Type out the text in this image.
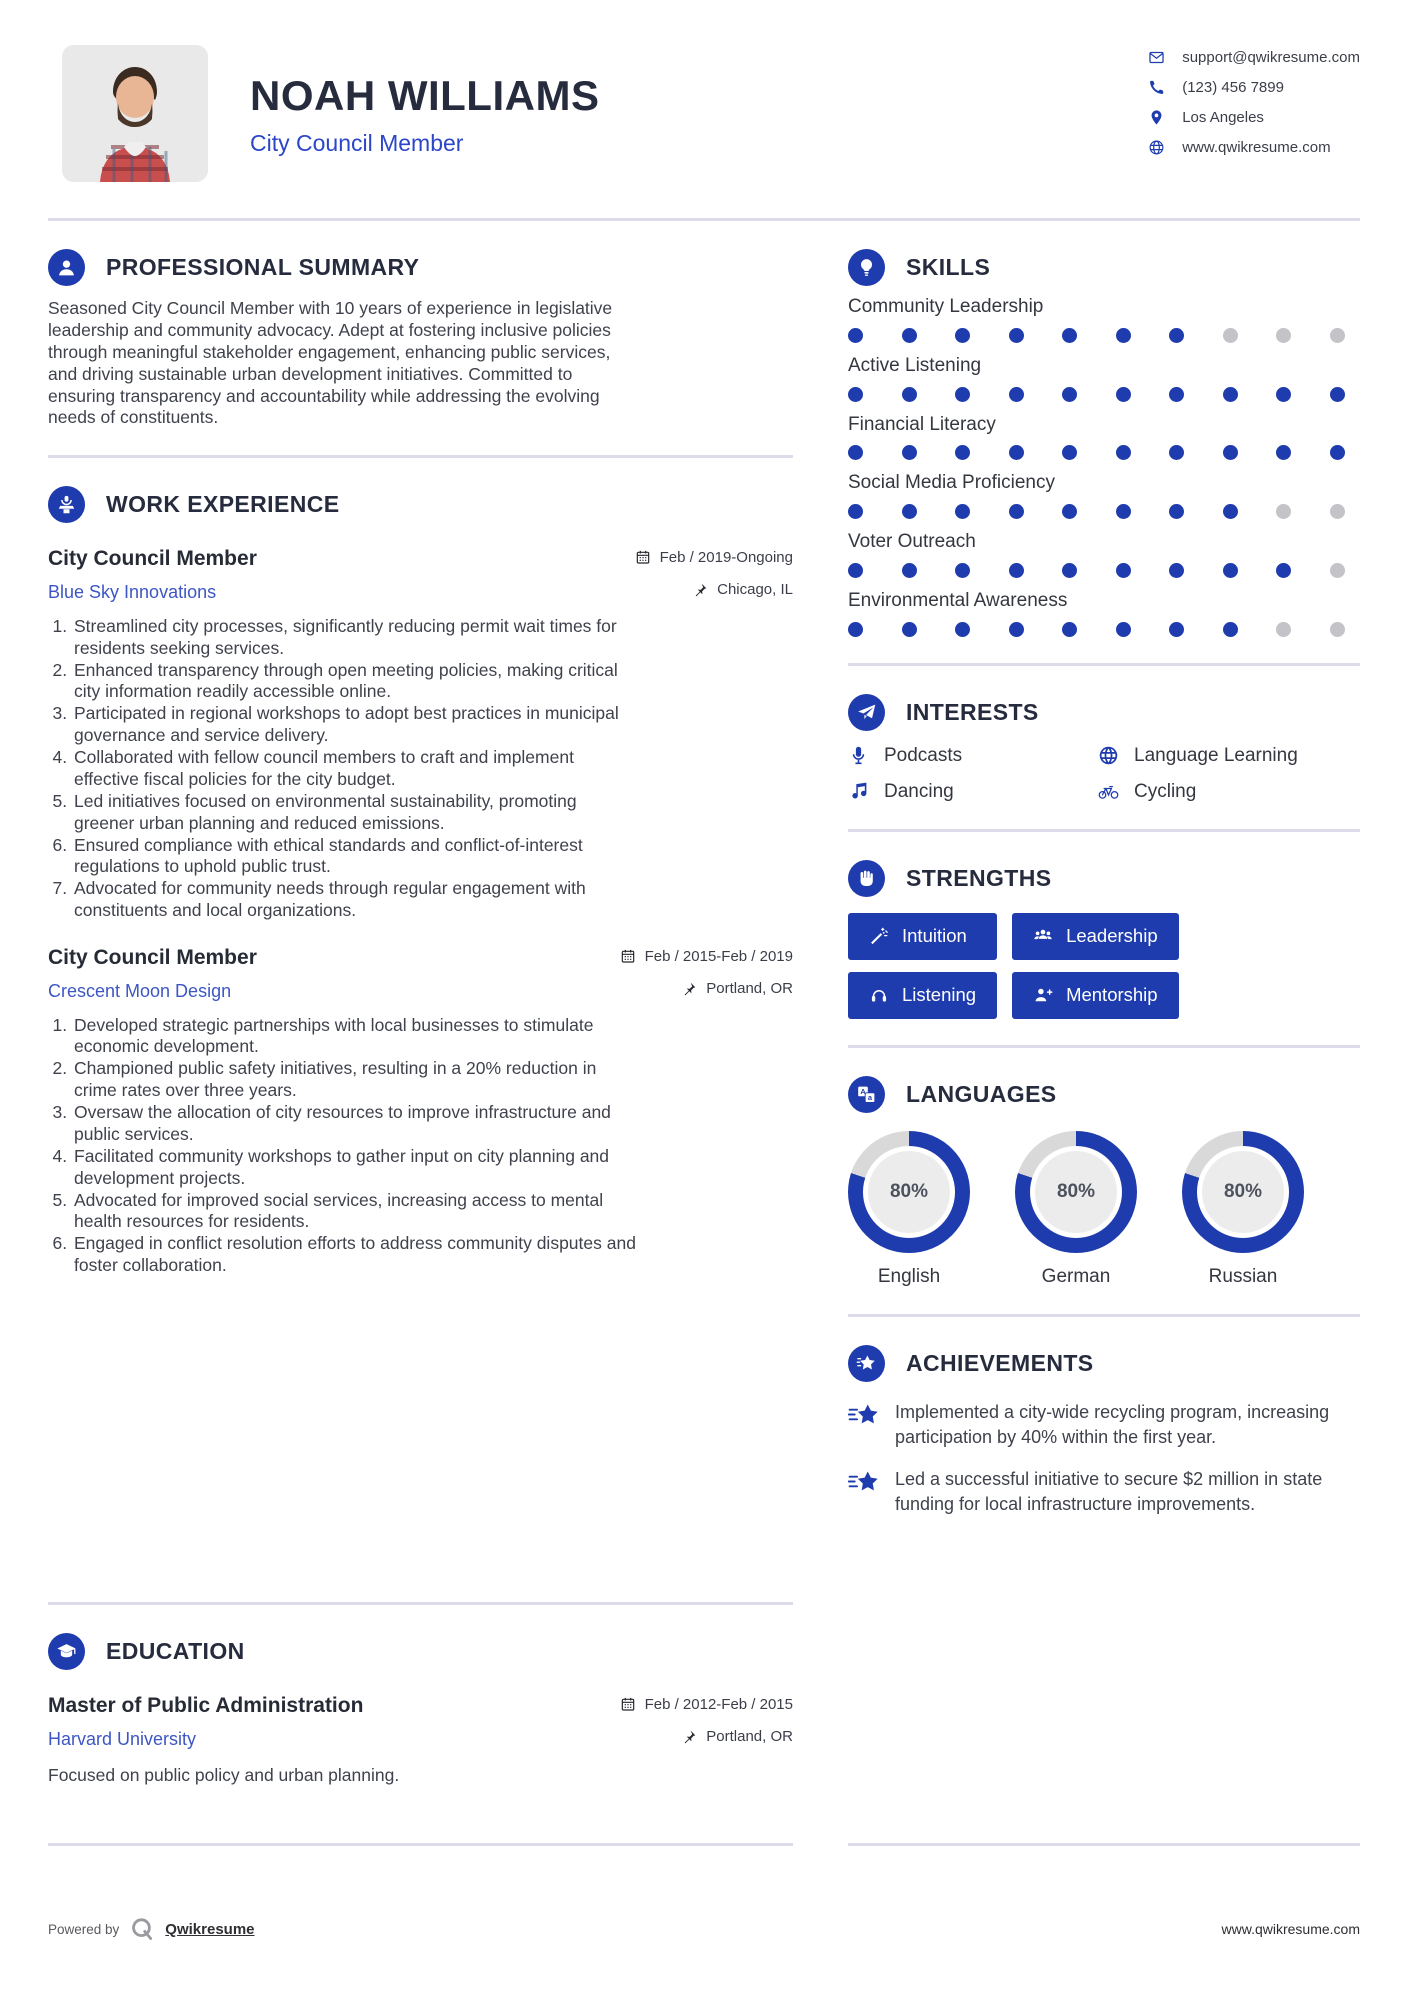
NOAH WILLIAMS
City Council Member
support@qwikresume.com
(123) 456 7899
Los Angeles
www.qwikresume.com
PROFESSIONAL SUMMARY

Seasoned City Council Member with 10 years of experience in legislative leadership and community advocacy. Adept at fostering inclusive policies through meaningful stakeholder engagement, enhancing public services, and driving sustainable urban development initiatives. Committed to ensuring transparency and accountability while addressing the evolving needs of constituents.

WORK EXPERIENCE
City Council Member	Feb / 2019-Ongoing
Blue Sky Innovations	Chicago, IL
1. Streamlined city processes, significantly reducing permit wait times for residents seeking services.
2. Enhanced transparency through open meeting policies, making critical city information readily accessible online.
3. Participated in regional workshops to adopt best practices in municipal governance and service delivery.
4. Collaborated with fellow council members to craft and implement effective fiscal policies for the city budget.
5. Led initiatives focused on environmental sustainability, promoting greener urban planning and reduced emissions.
6. Ensured compliance with ethical standards and conflict-of-interest regulations to uphold public trust.
7. Advocated for community needs through regular engagement with constituents and local organizations.
City Council Member	Feb / 2015-Feb / 2019
Crescent Moon Design	Portland, OR
1. Developed strategic partnerships with local businesses to stimulate economic development.
2. Championed public safety initiatives, resulting in a 20% reduction in crime rates over three years.
3. Oversaw the allocation of city resources to improve infrastructure and public services.
4. Facilitated community workshops to gather input on city planning and development projects.
5. Advocated for improved social services, increasing access to mental health resources for residents.
6. Engaged in conflict resolution efforts to address community disputes and foster collaboration.
SKILLS
Community Leadership
Active Listening
Financial Literacy
Social Media Proficiency
Voter Outreach
Environmental Awareness
INTERESTS
Podcasts	Language Learning
Dancing	Cycling
STRENGTHS
Intuition	Leadership
Listening	Mentorship
A
a LANGUAGES
80%
English
80%
German
80%
Russian
ACHIEVEMENTS
Implemented a city-wide recycling program, increasing participation by 40% within the first year.
Led a successful initiative to secure $2 million in state funding for local infrastructure improvements.
EDUCATION
Master of Public Administration	Feb / 2012-Feb / 2015
Harvard University	Portland, OR

Focused on public policy and urban planning.

Powered by	Qwikresume	www.qwikresume.com
